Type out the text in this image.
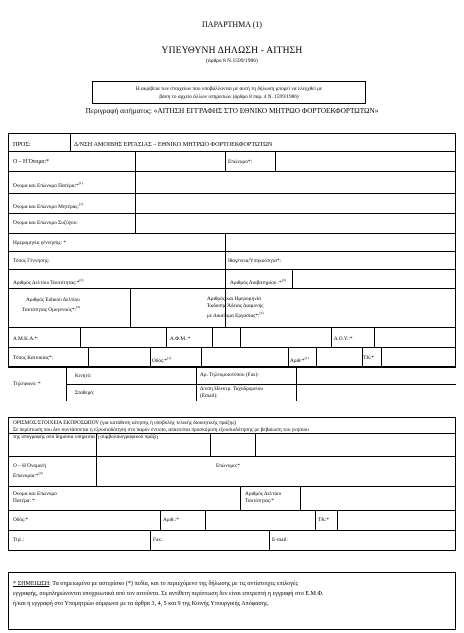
ΠΑΡΑΡΤΗΜΑ (1)
ΥΠΕΥΘΥΝΗ ΔΗΛΩΣΗ - ΑΙΤΗΣΗ
(άρθρο 8 Ν.1599/1986)
Η ακρίβεια των στοιχείων που υποβάλλονται με αυτή τη δήλωση μπορεί να ελεγχθεί με
βάση το αρχείο άλλων υπηρεσιών (άρθρο 8 παρ. 4 Ν. 1599/1986)
Περιγραφή αιτήματος: «ΑΙΤΗΣΗ ΕΓΓΡΑΦΗΣ ΣΤΟ ΕΘΝΙΚΟ ΜΗΤΡΩΟ ΦΟΡΤΟΕΚΦΟΡΤΩΤΩΝ»
ΠΡΟΣ:	Δ/ΝΣΗ ΑΜΟΙΒΗΣ ΕΡΓΑΣΙΑΣ – ΕΘΝΙΚΟ ΜΗΤΡΩΟ ΦΟΡΤΟΕΚΦΟΡΤΩΤΩΝ
Ο – Η Όνομα:*	Επώνυμο*:
Όνομα και Επώνυμο Πατέρα:*$^{(1)}$
Όνομα και Επώνυμο Μητέρας:$^{(1)}$
Όνομα και Επώνυμο Συζύγου:
Ημερομηνία γέννησης: *
Τόπος Γέννησης:	Ιθαγένεια/Υπηκοότητα*:
Αριθμός Δελτίου Ταυτότητας:*$^{(2)}$	Αριθμός Διαβατηρίου :*$^{(2)}$
Αριθμός Ειδικού Δελτίου
Ταυτότητας Ομογενούς*:$^{(2)}$
Αριθμός και Ημερομηνία
Έκδοσης Άδειας Διαμονής
με Δικαίωμα Εργασίας*:$^{(2)}$
Α.Μ.Κ.Α.*:	Α.Φ.Μ.:*	Δ.Ο.Υ.:*
Τόπος Κατοικίας*:	Οδός:*$^{(1)}$	Αριθ:*$^{(1)}$	ΤΚ:*
Τηλέφωνο: *
Κινητό:
Σταθερό:
Αρ. Τηλεομοιοτύπου (Fax):
Δ/νση Ηλεκτρ. Ταχυδρομείου
(Email):
ΟΡΙΣΜΟΣ/ΣΤΟΙΧΕΙΑ ΕΚΠΡΟΣΩΠΟΥ (για κατάθεση αίτησης ή υποβολής τελικής διοικητικής πράξης)
Σε περίπτωση που δεν συντάσσεται η εξουσιοδότηση στο παρόν έντυπο, απαιτείται προσκόμιση εξουσιοδότησης με βεβαίωση του γνησίου
της υπογραφής από δημόσια υπηρεσία ή συμβολαιογραφικού πράξη
Ο – Η Όνομα/ή
Επωνυμία:*$^{(4)}$
Επώνυμο:*
Όνομα και Επώνυμο
Πατέρα: *
Αριθμός Δελτίου
Ταυτότητας:*
Οδός:*	Αριθ.:*	ΤΚ:*
Τηλ.:	Fax:	E-mail:
* ΣΗΜΕΙΩΣΗ: Τα σημειωμένα με αστερίσκο (*) πεδία, και το περιεχόμενο της δήλωσης με τις αντίστοιχες επιλογές
εγγραφής, συμπληρώνονται υποχρεωτικά από τον αιτούντα. Σε αντίθετη περίπτωση δεν είναι επιτρεπτή η εγγραφή στο Ε.Μ.Φ.
ή/και η εγγραφή στο Υπομητρώο σύμφωνα με τα άρθρα 3, 4, 5 και 9 της Κοινής Υπουργικής Απόφασης.
